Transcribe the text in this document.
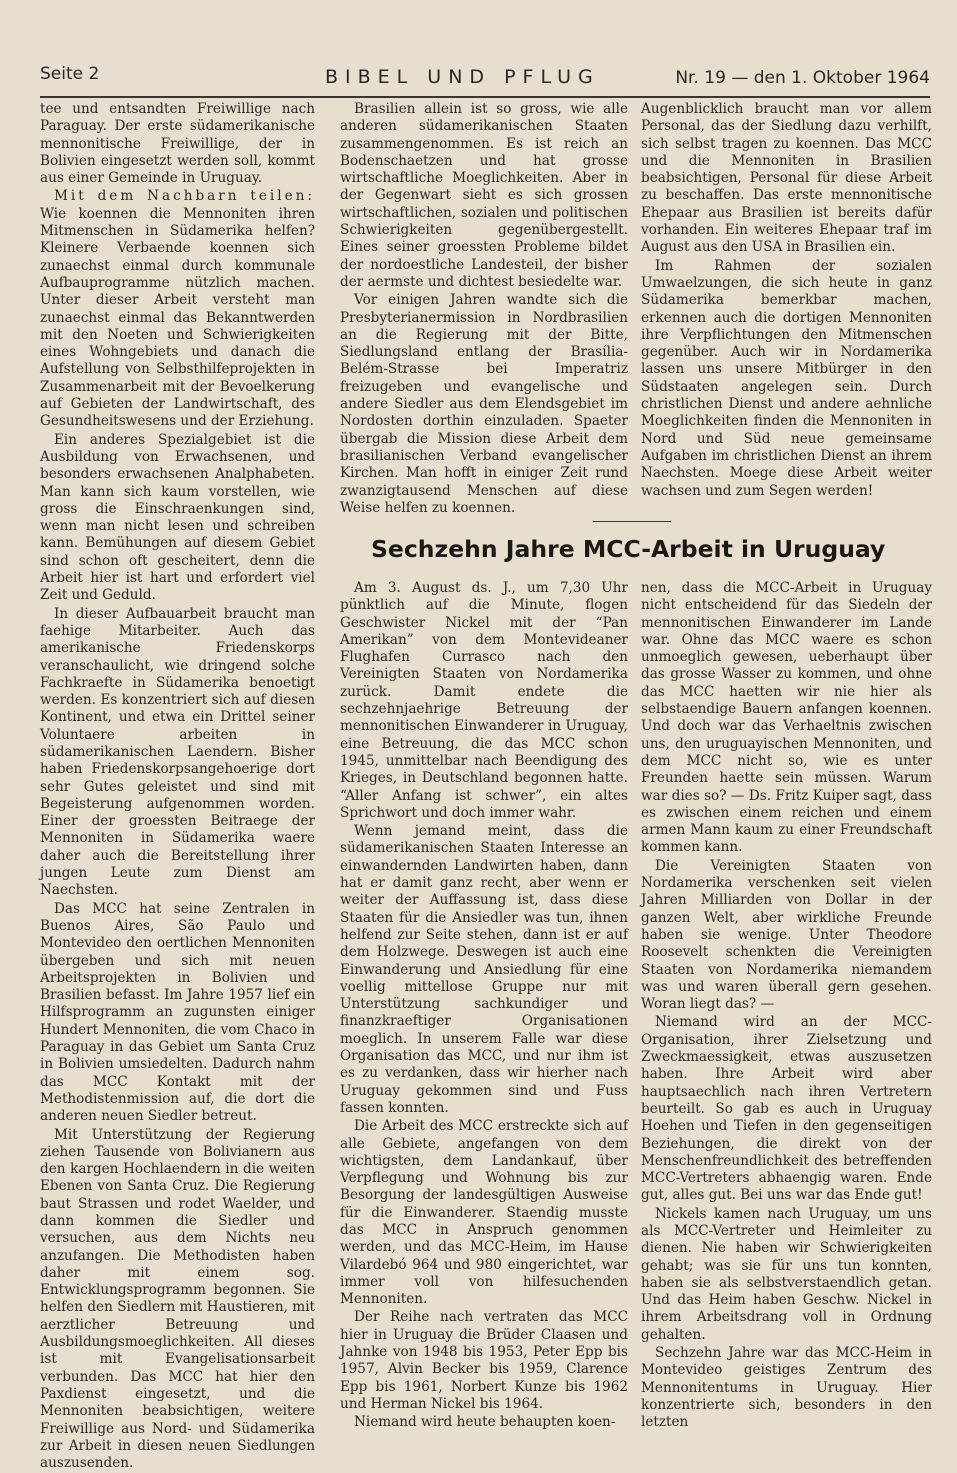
Seite 2	BIBEL UND PFLUG	Nr. 19 — den 1. Oktober 1964

tee und entsandten Freiwillige nach Paraguay. Der erste südamerikanische mennonitische Freiwillige, der in Bolivien eingesetzt werden soll, kommt aus einer Gemeinde in Uruguay.

Mit dem Nachbarn teilen: Wie koennen die Mennoniten ihren Mitmenschen in Südamerika helfen? Kleinere Verbaende koennen sich zunaechst einmal durch kommunale Aufbauprogramme nützlich machen. Unter dieser Arbeit versteht man zunaechst einmal das Bekanntwerden mit den Noeten und Schwierigkeiten eines Wohngebiets und danach die Aufstellung von Selbsthilfeprojekten in Zusammenarbeit mit der Bevoelkerung auf Gebieten der Landwirtschaft, des Gesundheitswesens und der Erziehung.

Ein anderes Spezialgebiet ist die Ausbildung von Erwachsenen, und besonders erwachsenen Analphabeten. Man kann sich kaum vorstellen, wie gross die Einschraenkungen sind, wenn man nicht lesen und schreiben kann. Bemühungen auf diesem Gebiet sind schon oft gescheitert, denn die Arbeit hier ist hart und erfordert viel Zeit und Geduld.

In dieser Aufbauarbeit braucht man faehige Mitarbeiter. Auch das amerikanische Friedenskorps veranschaulicht, wie dringend solche Fachkraefte in Südamerika benoetigt werden. Es konzentriert sich auf diesen Kontinent, und etwa ein Drittel seiner Voluntaere arbeiten in südamerikanischen Laendern. Bisher haben Friedenskorpsangehoerige dort sehr Gutes geleistet und sind mit Begeisterung aufgenommen worden. Einer der groessten Beitraege der Mennoniten in Südamerika waere daher auch die Bereitstellung ihrer jungen Leute zum Dienst am Naechsten.

Das MCC hat seine Zentralen in Buenos Aires, São Paulo und Montevideo den oertlichen Mennoniten übergeben und sich mit neuen Arbeitsprojekten in Bolivien und Brasilien befasst. Im Jahre 1957 lief ein Hilfsprogramm an zugunsten einiger Hundert Mennoniten, die vom Chaco in Paraguay in das Gebiet um Santa Cruz in Bolivien umsiedelten. Dadurch nahm das MCC Kontakt mit der Methodistenmission auf, die dort die anderen neuen Siedler betreut.

Mit Unterstützung der Regierung ziehen Tausende von Bolivianern aus den kargen Hochlaendern in die weiten Ebenen von Santa Cruz. Die Regierung baut Strassen und rodet Waelder, und dann kommen die Siedler und versuchen, aus dem Nichts neu anzufangen. Die Methodisten haben daher mit einem sog. Entwicklungsprogramm begonnen. Sie helfen den Siedlern mit Haustieren, mit aerztlicher Betreuung und Ausbildungsmoeglichkeiten. All dieses ist mit Evangelisationsarbeit verbunden. Das MCC hat hier den Paxdienst eingesetzt, und die Mennoniten beabsichtigen, weitere Freiwillige aus Nord- und Südamerika zur Arbeit in diesen neuen Siedlungen auszusenden.

Brasilien allein ist so gross, wie alle anderen südamerikanischen Staaten zusammengenommen. Es ist reich an Bodenschaetzen und hat grosse wirtschaftliche Moeglichkeiten. Aber in der Gegenwart sieht es sich grossen wirtschaftlichen, sozialen und politischen Schwierigkeiten gegenübergestellt. Eines seiner groessten Probleme bildet der nordoestliche Landesteil, der bisher der aermste und dichtest besiedelte war.

Vor einigen Jahren wandte sich die Presbyterianermission in Nordbrasilien an die Regierung mit der Bitte, Siedlungsland entlang der Brasília-Belém-Strasse bei Imperatriz freizugeben und evangelische und andere Siedler aus dem Elendsgebiet im Nordosten dorthin einzuladen. Spaeter übergab die Mission diese Arbeit dem brasilianischen Verband evangelischer Kirchen. Man hofft in einiger Zeit rund zwanzigtausend Menschen auf diese Weise helfen zu koennen.

Augenblicklich braucht man vor allem Personal, das der Siedlung dazu verhilft, sich selbst tragen zu koennen. Das MCC und die Mennoniten in Brasilien beabsichtigen, Personal für diese Arbeit zu beschaffen. Das erste mennonitische Ehepaar aus Brasilien ist bereits dafür vorhanden. Ein weiteres Ehepaar traf im August aus den USA in Brasilien ein.

Im Rahmen der sozialen Umwaelzungen, die sich heute in ganz Südamerika bemerkbar machen, erkennen auch die dortigen Mennoniten ihre Verpflichtungen den Mitmenschen gegenüber. Auch wir in Nordamerika lassen uns unsere Mitbürger in den Südstaaten angelegen sein. Durch christlichen Dienst und andere aehnliche Moeglichkeiten finden die Mennoniten in Nord und Süd neue gemeinsame Aufgaben im christlichen Dienst an ihrem Naechsten. Moege diese Arbeit weiter wachsen und zum Segen werden!

Sechzehn Jahre MCC-Arbeit in Uruguay

Am 3. August ds. J., um 7,30 Uhr pünktlich auf die Minute, flogen Geschwister Nickel mit der “Pan Amerikan” von dem Montevideaner Flughafen Currasco nach den Vereinigten Staaten von Nordamerika zurück. Damit endete die sechzehnjaehrige Betreuung der mennonitischen Einwanderer in Uruguay, eine Betreuung, die das MCC schon 1945, unmittelbar nach Beendigung des Krieges, in Deutschland begonnen hatte. “Aller Anfang ist schwer”, ein altes Sprichwort und doch immer wahr.

Wenn jemand meint, dass die südamerikanischen Staaten Interesse an einwandernden Landwirten haben, dann hat er damit ganz recht, aber wenn er weiter der Auffassung ist, dass diese Staaten für die Ansiedler was tun, ihnen helfend zur Seite stehen, dann ist er auf dem Holzwege. Deswegen ist auch eine Einwanderung und Ansiedlung für eine voellig mittellose Gruppe nur mit Unterstützung sachkundiger und finanzkraeftiger Organisationen moeglich. In unserem Falle war diese Organisation das MCC, und nur ihm ist es zu verdanken, dass wir hierher nach Uruguay gekommen sind und Fuss fassen konnten.

Die Arbeit des MCC erstreckte sich auf alle Gebiete, angefangen von dem wichtigsten, dem Landankauf, über Verpflegung und Wohnung bis zur Besorgung der landesgültigen Ausweise für die Einwanderer. Staendig musste das MCC in Anspruch genommen werden, und das MCC-Heim, im Hause Vilardebó 964 und 980 eingerichtet, war immer voll von hilfesuchenden Mennoniten.

Der Reihe nach vertraten das MCC hier in Uruguay die Brüder Claasen und Jahnke von 1948 bis 1953, Peter Epp bis 1957, Alvin Becker bis 1959, Clarence Epp bis 1961, Norbert Kunze bis 1962 und Herman Nickel bis 1964.

Niemand wird heute behaupten koen-

nen, dass die MCC-Arbeit in Uruguay nicht entscheidend für das Siedeln der mennonitischen Einwanderer im Lande war. Ohne das MCC waere es schon unmoeglich gewesen, ueberhaupt über das grosse Wasser zu kommen, und ohne das MCC haetten wir nie hier als selbstaendige Bauern anfangen koennen. Und doch war das Verhaeltnis zwischen uns, den uruguayischen Mennoniten, und dem MCC nicht so, wie es unter Freunden haette sein müssen. Warum war dies so? — Ds. Fritz Kuiper sagt, dass es zwischen einem reichen und einem armen Mann kaum zu einer Freundschaft kommen kann.

Die Vereinigten Staaten von Nordamerika verschenken seit vielen Jahren Milliarden von Dollar in der ganzen Welt, aber wirkliche Freunde haben sie wenige. Unter Theodore Roosevelt schenkten die Vereinigten Staaten von Nordamerika niemandem was und waren überall gern gesehen. Woran liegt das? —

Niemand wird an der MCC-Organisation, ihrer Zielsetzung und Zweckmaessigkeit, etwas auszusetzen haben. Ihre Arbeit wird aber hauptsaechlich nach ihren Vertretern beurteilt. So gab es auch in Uruguay Hoehen und Tiefen in den gegenseitigen Beziehungen, die direkt von der Menschenfreundlichkeit des betreffenden MCC-Vertreters abhaengig waren. Ende gut, alles gut. Bei uns war das Ende gut!

Nickels kamen nach Uruguay, um uns als MCC-Vertreter und Heimleiter zu dienen. Nie haben wir Schwierigkeiten gehabt; was sie für uns tun konnten, haben sie als selbstverstaendlich getan. Und das Heim haben Geschw. Nickel in ihrem Arbeitsdrang voll in Ordnung gehalten.

Sechzehn Jahre war das MCC-Heim in Montevideo geistiges Zentrum des Mennonitentums in Uruguay. Hier konzentrierte sich, besonders in den letzten
